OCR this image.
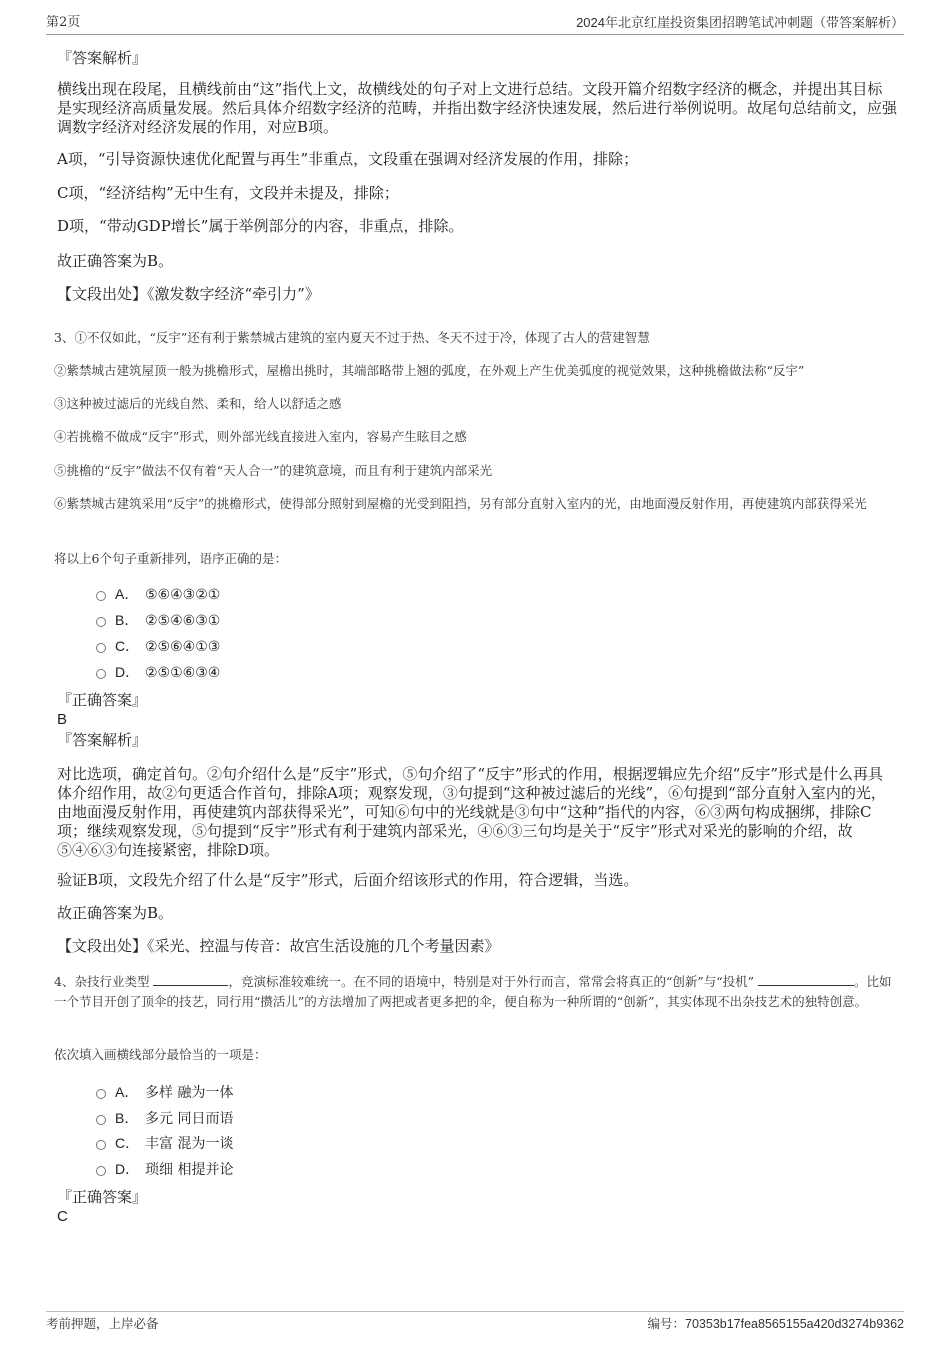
第2页	2024年北京红崖投资集团招聘笔试冲刺题（带答案解析）
『答案解析』
横线出现在段尾，且横线前由“这”指代上文，故横线处的句子对上文进行总结。文段开篇介绍数字经济的概念，并提出其目标是实现经济高质量发展。然后具体介绍数字经济的范畴，并指出数字经济快速发展，然后进行举例说明。故尾句总结前文，应强调数字经济对经济发展的作用，对应B项。
A项，“引导资源快速优化配置与再生”非重点，文段重在强调对经济发展的作用，排除；
C项，“经济结构”无中生有，文段并未提及，排除；
D项，“带动GDP增长”属于举例部分的内容，非重点，排除。
故正确答案为B。
【文段出处】《激发数字经济“牵引力”》
3、①不仅如此，“反宇”还有利于紫禁城古建筑的室内夏天不过于热、冬天不过于冷，体现了古人的营建智慧
②紫禁城古建筑屋顶一般为挑檐形式，屋檐出挑时，其端部略带上翘的弧度，在外观上产生优美弧度的视觉效果，这种挑檐做法称“反宇”
③这种被过滤后的光线自然、柔和，给人以舒适之感
④若挑檐不做成“反宇”形式，则外部光线直接进入室内，容易产生眩目之感
⑤挑檐的“反宇”做法不仅有着“天人合一”的建筑意境，而且有利于建筑内部采光
⑥紫禁城古建筑采用“反宇”的挑檐形式，使得部分照射到屋檐的光受到阻挡，另有部分直射入室内的光，由地面漫反射作用，再使建筑内部获得采光
将以上6个句子重新排列，语序正确的是：
A． ⑤⑥④③②①
B． ②⑤④⑥③①
C． ②⑤⑥④①③
D． ②⑤①⑥③④
『正确答案』
B
『答案解析』
对比选项，确定首句。②句介绍什么是“反宇”形式，⑤句介绍了“反宇”形式的作用，根据逻辑应先介绍“反宇”形式是什么再具体介绍作用，故②句更适合作首句，排除A项；观察发现，③句提到“这种被过滤后的光线”，⑥句提到“部分直射入室内的光，由地面漫反射作用，再使建筑内部获得采光”，可知⑥句中的光线就是③句中“这种”指代的内容，⑥③两句构成捆绑，排除C项；继续观察发现，⑤句提到“反宇”形式有利于建筑内部采光，④⑥③三句均是关于“反宇”形式对采光的影响的介绍，故⑤④⑥③句连接紧密，排除D项。
验证B项，文段先介绍了什么是“反宇”形式，后面介绍该形式的作用，符合逻辑，当选。
故正确答案为B。
【文段出处】《采光、控温与传音：故宫生活设施的几个考量因素》
4、杂技行业类型	，竞演标准较难统一。在不同的语境中，特别是对于外行而言，常常会将真正的“创新”与“投机”	。比如一个节目开创了顶伞的技艺，同行用“攒活儿”的方法增加了两把或者更多把的伞，便自称为一种所谓的“创新”，其实体现不出杂技艺术的独特创意。
依次填入画横线部分最恰当的一项是：
A． 多样 融为一体
B． 多元 同日而语
C． 丰富 混为一谈
D． 琐细 相提并论
『正确答案』
C
考前押题，上岸必备	编号：70353b17fea8565155a420d3274b9362
